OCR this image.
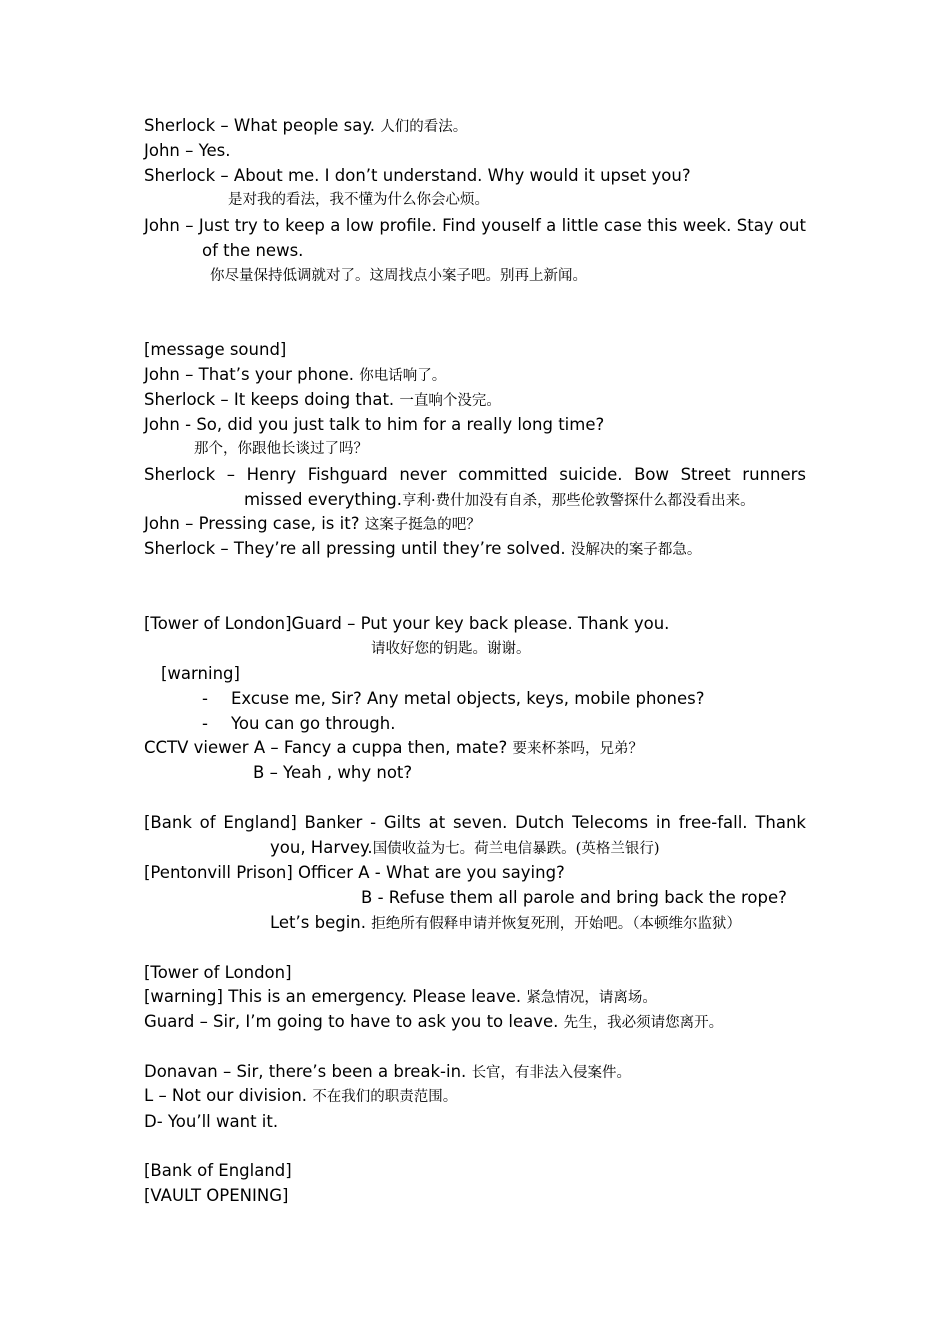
Sherlock – What people say. 人们的看法。
John – Yes.
Sherlock – About me. I don’t understand. Why would it upset you?
是对我的看法，我不懂为什么你会心烦。
John – Just try to keep a low profile. Find youself a little case this week. Stay out
of the news.
你尽量保持低调就对了。这周找点小案子吧。别再上新闻。
[message sound]
John – That’s your phone. 你电话响了。
Sherlock – It keeps doing that. 一直响个没完。
John - So, did you just talk to him for a really long time?
那个，你跟他长谈过了吗？
Sherlock – Henry Fishguard never committed suicide. Bow Street runners
missed everything.亨利·费什加没有自杀，那些伦敦警探什么都没看出来。
John – Pressing case, is it? 这案子挺急的吧？
Sherlock – They’re all pressing until they’re solved. 没解决的案子都急。
[Tower of London]Guard – Put your key back please. Thank you.
请收好您的钥匙。谢谢。
[warning]
- Excuse me, Sir? Any metal objects, keys, mobile phones?
- You can go through.
CCTV viewer A – Fancy a cuppa then, mate? 要来杯茶吗，兄弟？
B – Yeah , why not?
[Bank of England] Banker - Gilts at seven. Dutch Telecoms in free-fall. Thank
you, Harvey.国债收益为七。荷兰电信暴跌。(英格兰银行)
[Pentonvill Prison] Officer A - What are you saying?
B - Refuse them all parole and bring back the rope?
Let’s begin. 拒绝所有假释申请并恢复死刑，开始吧。（本顿维尔监狱）
[Tower of London]
[warning] This is an emergency. Please leave. 紧急情况，请离场。
Guard – Sir, I’m going to have to ask you to leave. 先生，我必须请您离开。
Donavan – Sir, there’s been a break-in. 长官，有非法入侵案件。
L – Not our division. 不在我们的职责范围。
D- You’ll want it.
[Bank of England]
[VAULT OPENING]
